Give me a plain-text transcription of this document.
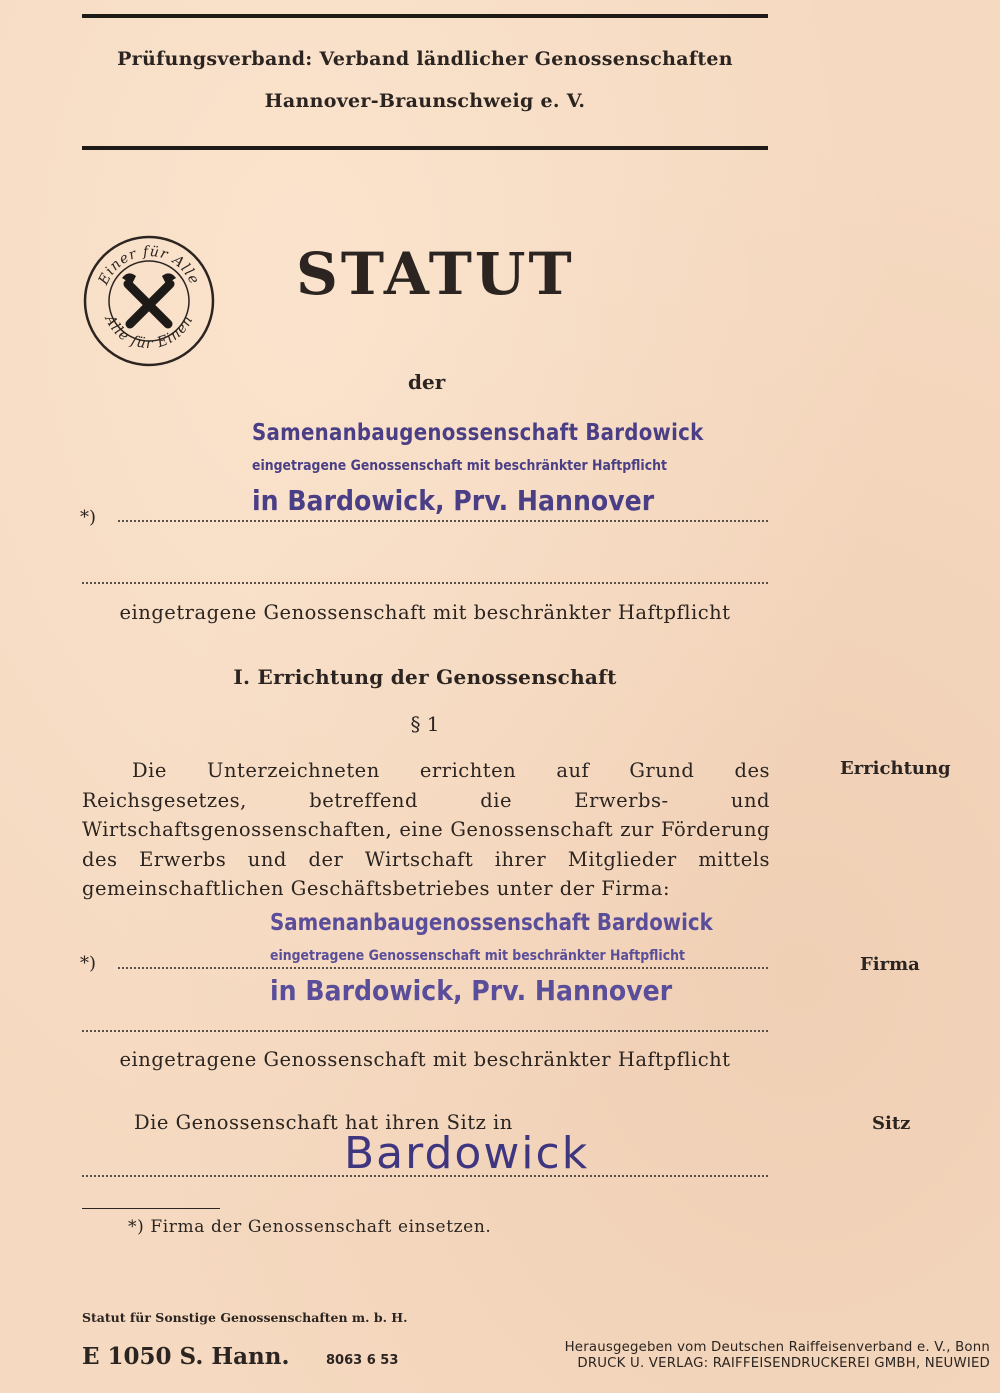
Prüfungsverband: Verband ländlicher Genossenschaften
Hannover-Braunschweig e. V.
Einer für Alle
Alle für Einen
STATUT
der
Samenanbaugenossenschaft Bardowick
eingetragene Genossenschaft mit beschränkter Haftpflicht
in Bardowick, Prv. Hannover
*)
eingetragene Genossenschaft mit beschränkter Haftpflicht
I. Errichtung der Genossenschaft
§ 1
Die Unterzeichneten errichten auf Grund des Reichsgesetzes, betreffend die Erwerbs- und Wirtschaftsgenossenschaften, eine Genossenschaft zur Förderung des Erwerbs und der Wirtschaft ihrer Mitglieder mittels gemeinschaftlichen Geschäftsbetriebes unter der Firma:
Errichtung
Samenanbaugenossenschaft Bardowick
eingetragene Genossenschaft mit beschränkter Haftpflicht
in Bardowick, Prv. Hannover
*)	Firma
eingetragene Genossenschaft mit beschränkter Haftpflicht
Die Genossenschaft hat ihren Sitz in	Sitz
Bardowick
*) Firma der Genossenschaft einsetzen.
Statut für Sonstige Genossenschaften m. b. H.
E 1050 S. Hann.	8063 6 53
Herausgegeben vom Deutschen Raiffeisenverband e. V., Bonn
DRUCK U. VERLAG: RAIFFEISENDRUCKEREI GMBH, NEUWIED
